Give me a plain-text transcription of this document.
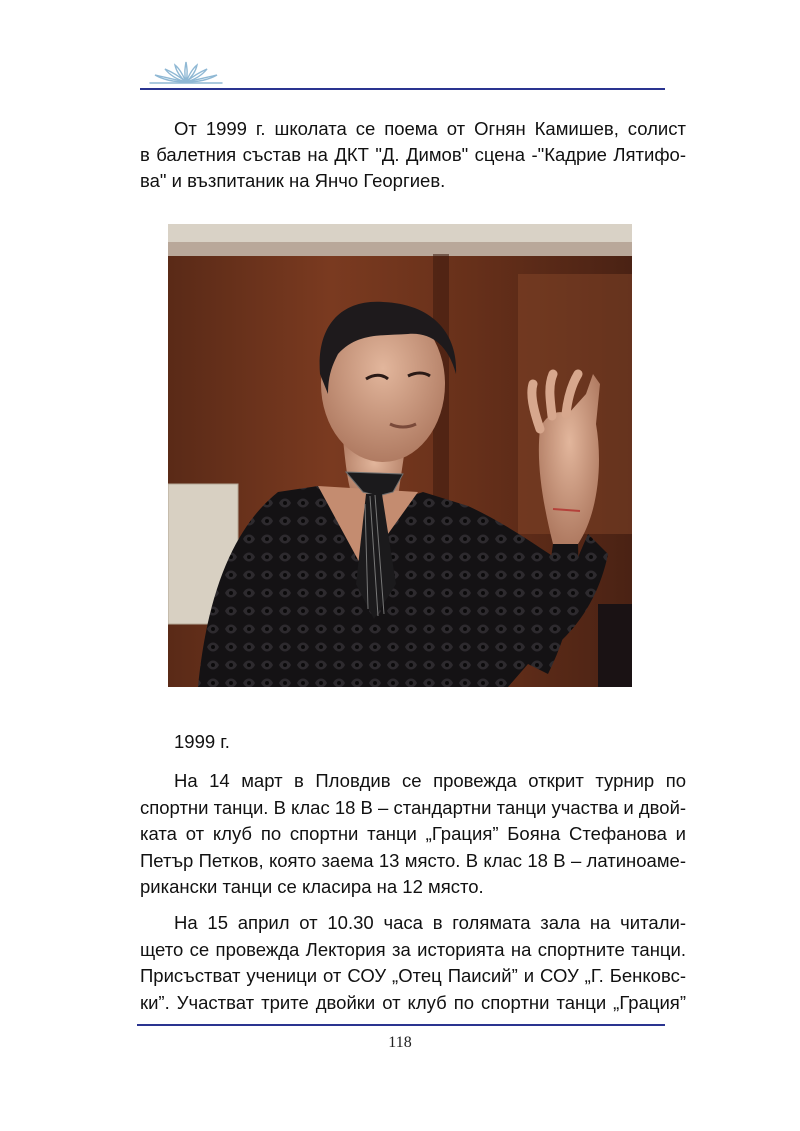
От 1999 г. школата се поема от Огнян Камишев, солист
в балетния състав на ДКТ "Д. Димов" сцена -"Кадрие Лятифо-
ва" и възпитаник на Янчо Георгиев.

1999 г.

На 14 март в Пловдив се провежда открит турнир по
спортни танци. В клас 18 В – стандартни танци участва и двой-
ката от клуб по спортни танци „Грация” Бояна Стефанова и
Петър Петков, която заема 13 място. В клас 18 В – латиноаме-
рикански танци се класира на 12 място.

На 15 април от 10.30 часа в голямата зала на читали-
щето се провежда Лектория за историята на спортните танци.
Присъстват ученици от СОУ „Отец Паисий” и СОУ „Г. Бенковс-
ки”. Участват трите двойки от клуб по спортни танци „Грация”

118
